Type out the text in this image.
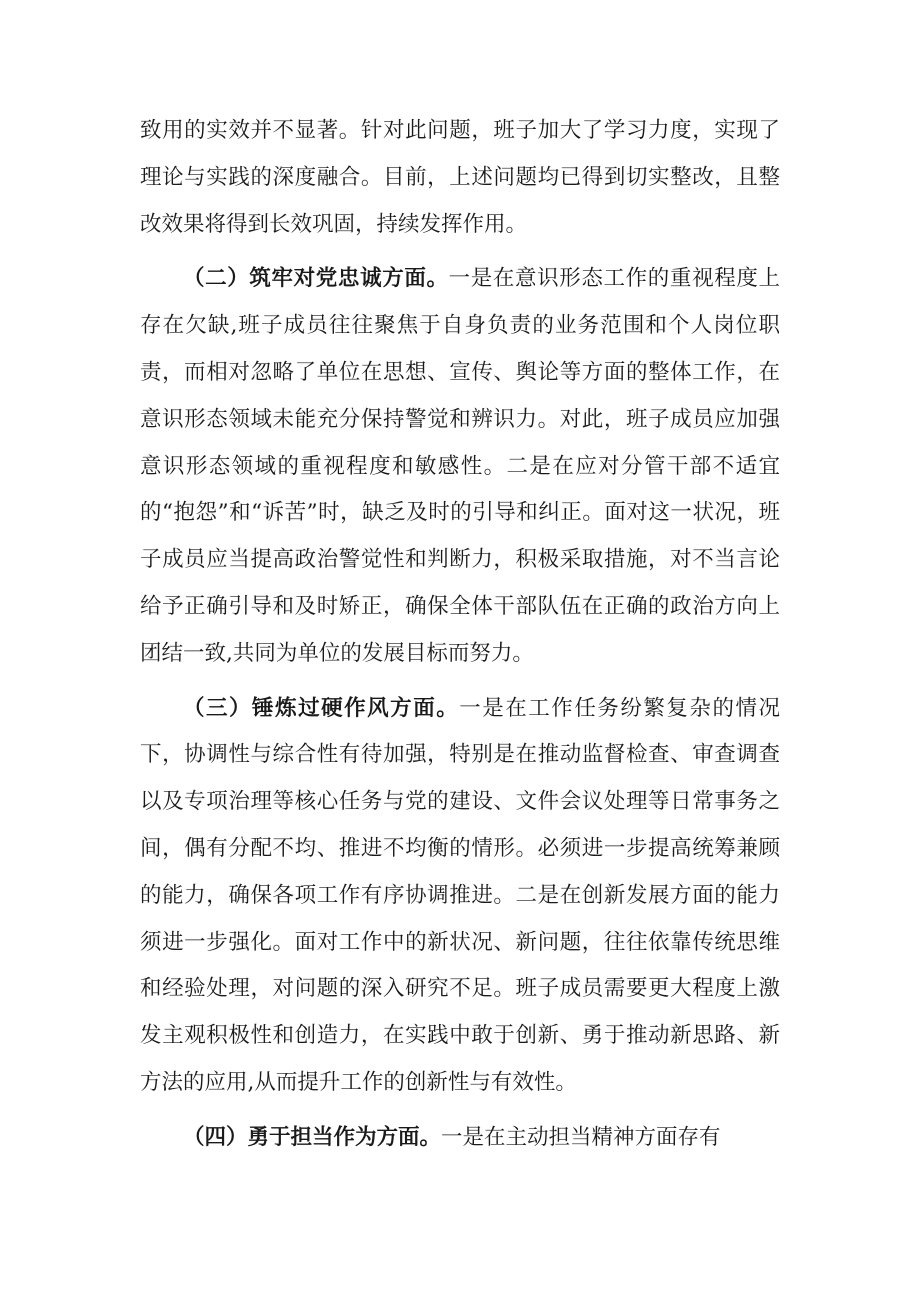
致用的实效并不显著。针对此问题，班子加大了学习力度，实现了理论与实践的深度融合。目前，上述问题均已得到切实整改，且整改效果将得到长效巩固，持续发挥作用。

（二）筑牢对党忠诚方面。一是在意识形态工作的重视程度上存在欠缺,班子成员往往聚焦于自身负责的业务范围和个人岗位职责，而相对忽略了单位在思想、宣传、舆论等方面的整体工作，在意识形态领域未能充分保持警觉和辨识力。对此，班子成员应加强意识形态领域的重视程度和敏感性。二是在应对分管干部不适宜的“抱怨”和“诉苦”时，缺乏及时的引导和纠正。面对这一状况，班子成员应当提高政治警觉性和判断力，积极采取措施，对不当言论给予正确引导和及时矫正，确保全体干部队伍在正确的政治方向上团结一致,共同为单位的发展目标而努力。

（三）锤炼过硬作风方面。一是在工作任务纷繁复杂的情况下，协调性与综合性有待加强，特别是在推动监督检查、审查调查以及专项治理等核心任务与党的建设、文件会议处理等日常事务之间，偶有分配不均、推进不均衡的情形。必须进一步提高统筹兼顾的能力，确保各项工作有序协调推进。二是在创新发展方面的能力须进一步强化。面对工作中的新状况、新问题，往往依靠传统思维和经验处理，对问题的深入研究不足。班子成员需要更大程度上激发主观积极性和创造力，在实践中敢于创新、勇于推动新思路、新方法的应用,从而提升工作的创新性与有效性。

（四）勇于担当作为方面。一是在主动担当精神方面存有
